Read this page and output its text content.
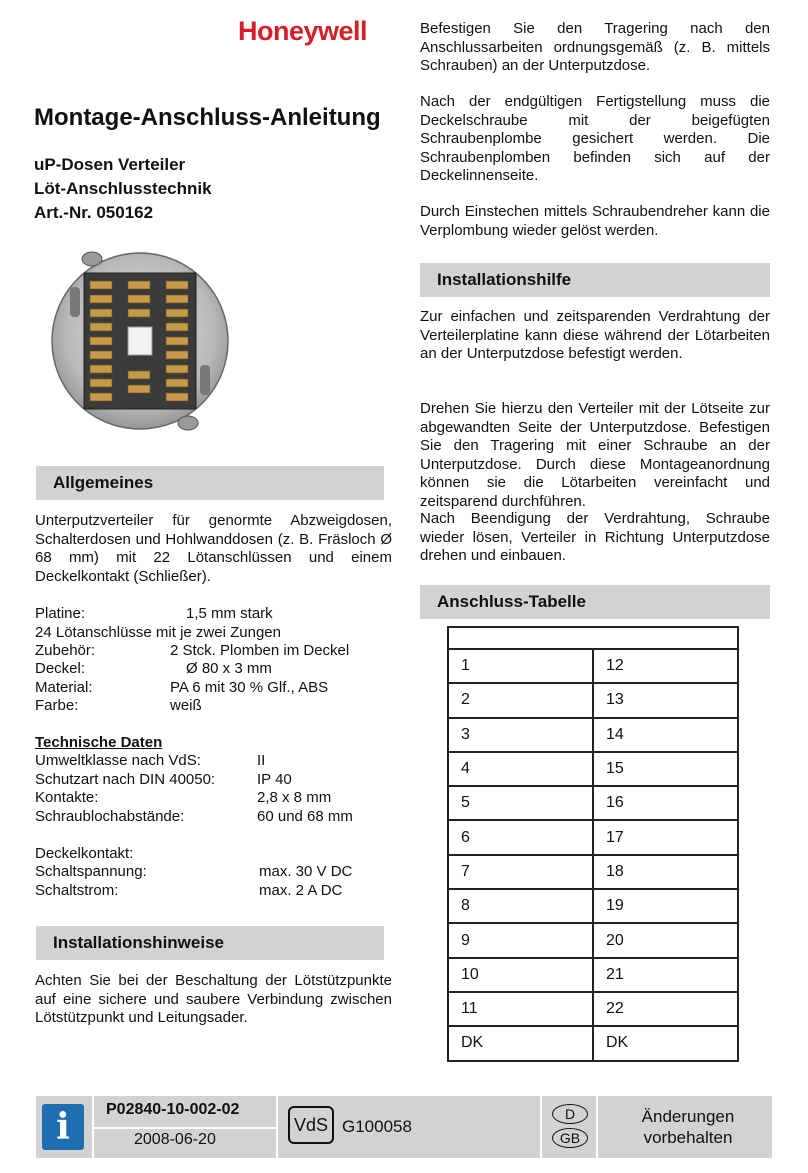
Honeywell
Montage-Anschluss-Anleitung
uP-Dosen Verteiler
Löt-Anschlusstechnik
Art.-Nr. 050162
Allgemeines
Unterputzverteiler für genormte Abzweigdosen, Schalterdosen und Hohlwanddosen (z. B. Fräsloch Ø 68 mm) mit 22 Lötanschlüssen und einem Deckelkontakt (Schließer).
Platine:	1,5 mm stark
24 Lötanschlüsse mit je zwei Zungen
Zubehör:	2 Stck. Plomben im Deckel
Deckel:	Ø 80 x 3 mm
Material:	PA 6 mit 30 % Glf., ABS
Farbe:	weiß
Technische Daten
Umweltklasse nach VdS:	II
Schutzart nach DIN 40050:	IP 40
Kontakte:	2,8 x 8 mm
Schraublochabstände:	60 und 68 mm
Deckelkontakt:
Schaltspannung:	max. 30 V DC
Schaltstrom:	max. 2 A DC
Installationshinweise
Achten Sie bei der Beschaltung der Lötstützpunkte auf eine sichere und saubere Verbindung zwischen Lötstützpunkt und Leitungsader.
Befestigen Sie den Tragering nach den Anschlussarbeiten ordnungsgemäß (z. B. mittels Schrauben) an der Unterputzdose.
Nach der endgültigen Fertigstellung muss die Deckelschraube mit der beigefügten Schraubenplombe gesichert werden. Die Schraubenplomben befinden sich auf der Deckelinnenseite.
Durch Einstechen mittels Schraubendreher kann die Verplombung wieder gelöst werden.
Installationshilfe
Zur einfachen und zeitsparenden Verdrahtung der Verteilerplatine kann diese während der Lötarbeiten an der Unterputzdose befestigt werden.
Drehen Sie hierzu den Verteiler mit der Lötseite zur abgewandten Seite der Unterputzdose. Befestigen Sie den Tragering mit einer Schraube an der Unterputzdose. Durch diese Montageanordnung können sie die Lötarbeiten vereinfacht und zeitsparend durchführen.
Nach Beendigung der Verdrahtung, Schraube wieder lösen, Verteiler in Richtung Unterputzdose drehen und einbauen.
Anschluss-Tabelle

1	12
2	13
3	14
4	15
5	16
6	17
7	18
8	19
9	20
10	21
11	22
DK	DK
i	P02840-10-002-02
2008-06-20
VdS G100058
D
GB
Änderungen
vorbehalten
